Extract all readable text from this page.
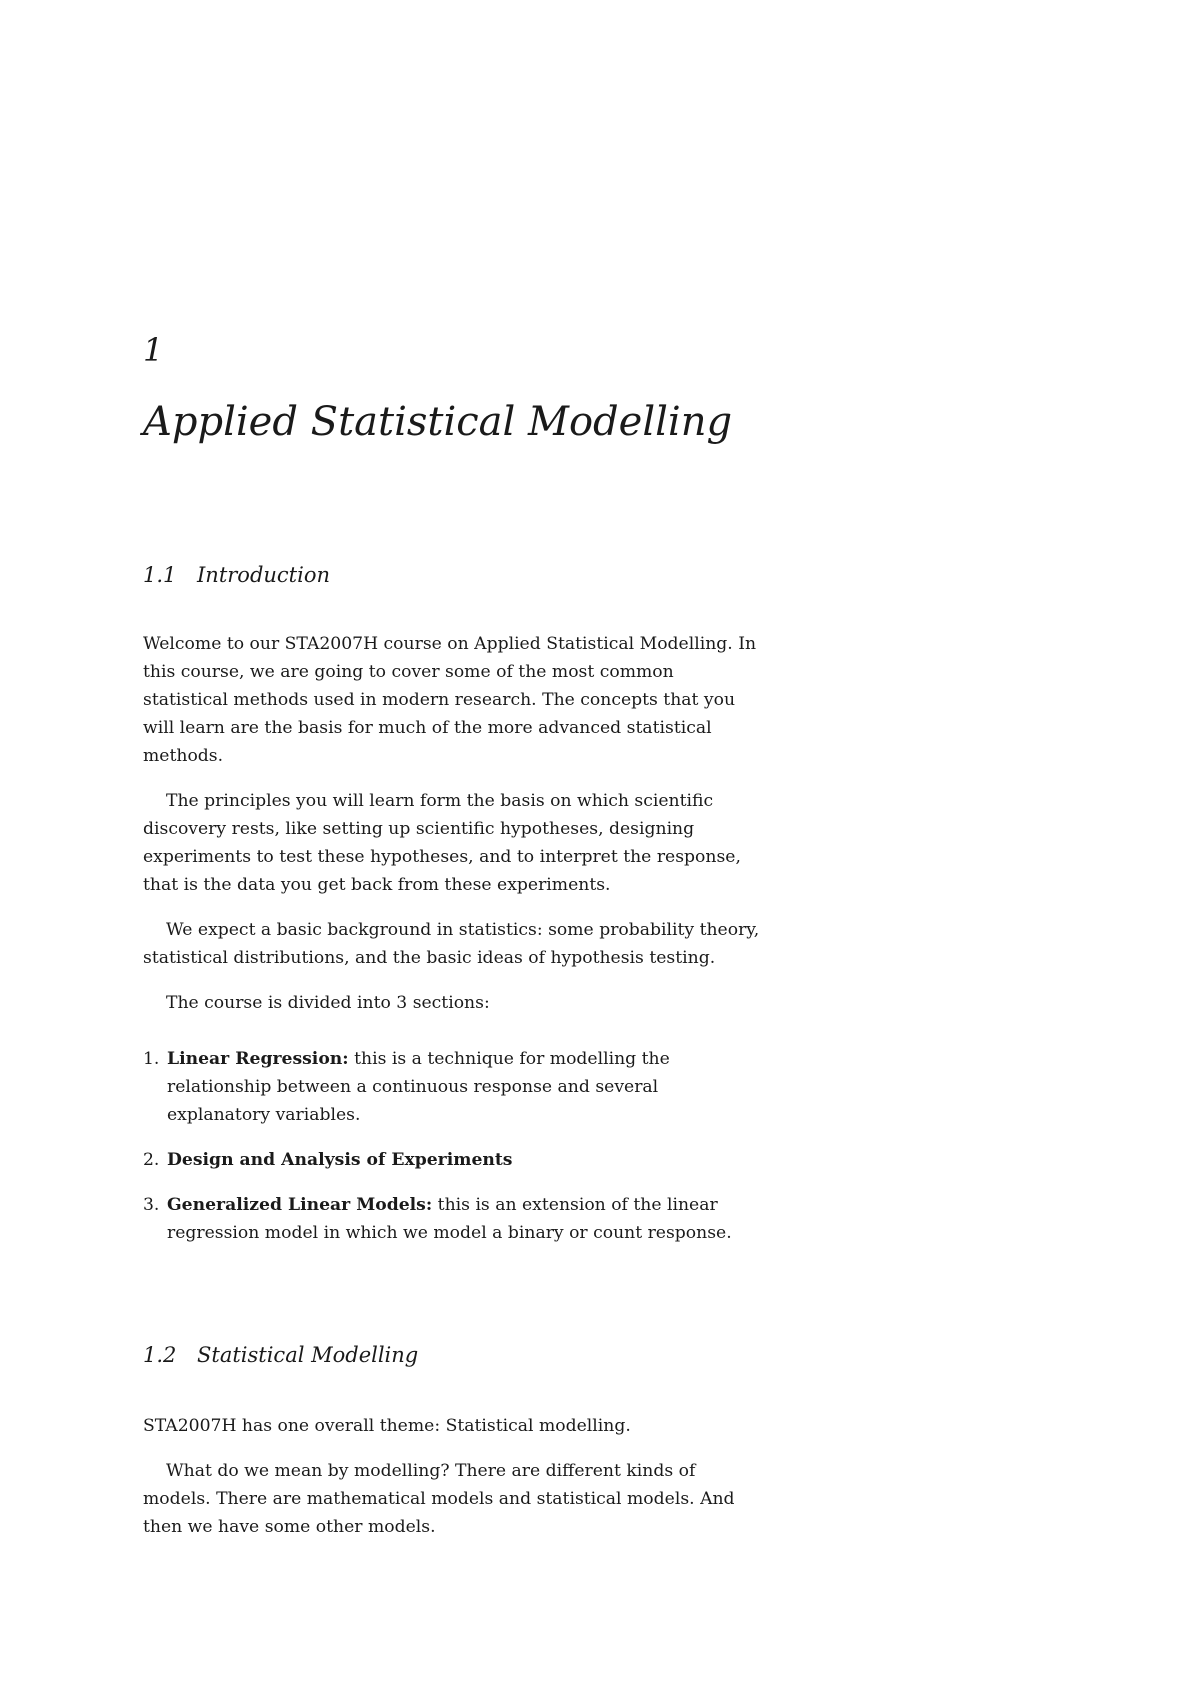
1
Applied Statistical Modelling
1.1 Introduction

Welcome to our STA2007H course on Applied Statistical Modelling. In this course, we are going to cover some of the most common statistical methods used in modern research. The concepts that you will learn are the basis for much of the more advanced statistical methods.

The principles you will learn form the basis on which scientific discovery rests, like setting up scientific hypotheses, designing experiments to test these hypotheses, and to interpret the response, that is the data you get back from these experiments.

We expect a basic background in statistics: some probability theory, statistical distributions, and the basic ideas of hypothesis testing.

The course is divided into 3 sections:

1. Linear Regression: this is a technique for modelling the relationship between a continuous response and several explanatory variables.
2. Design and Analysis of Experiments
3. Generalized Linear Models: this is an extension of the linear regression model in which we model a binary or count response.
1.2 Statistical Modelling

STA2007H has one overall theme: Statistical modelling.

What do we mean by modelling? There are different kinds of models. There are mathematical models and statistical models. And then we have some other models.
